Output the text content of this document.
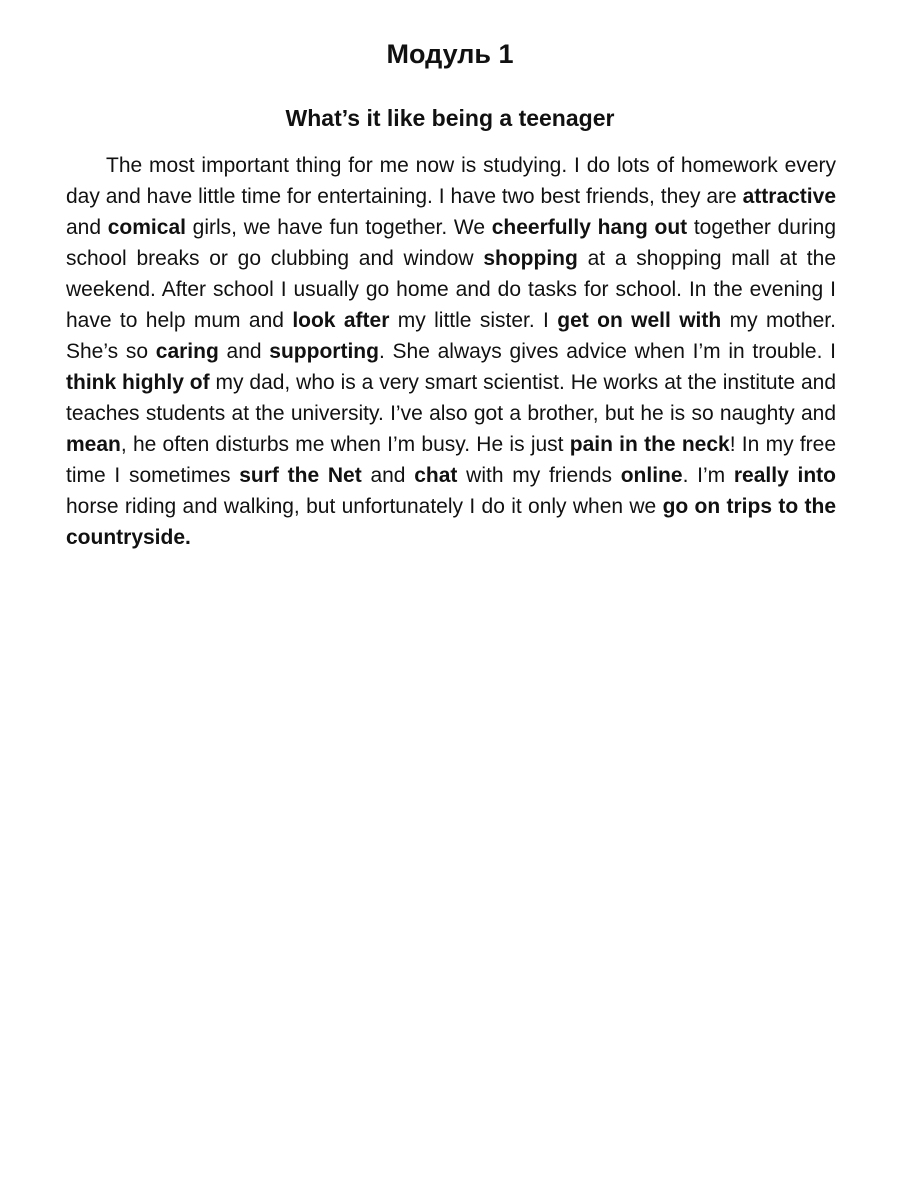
Модуль 1
What’s it like being a teenager

The most important thing for me now is studying. I do lots of homework every day and have little time for entertaining. I have two best friends, they are attractive and comical girls, we have fun together. We cheerfully hang out together during school breaks or go clubbing and window shopping at a shopping mall at the weekend. After school I usually go home and do tasks for school. In the evening I have to help mum and look after my little sister. I get on well with my mother. She’s so caring and supporting. She always gives advice when I’m in trouble. I think highly of my dad, who is a very smart scientist. He works at the institute and teaches students at the university. I’ve also got a brother, but he is so naughty and mean, he often disturbs me when I’m busy. He is just pain in the neck! In my free time I sometimes surf the Net and chat with my friends online. I’m really into horse riding and walking, but unfortunately I do it only when we go on trips to the countryside.
